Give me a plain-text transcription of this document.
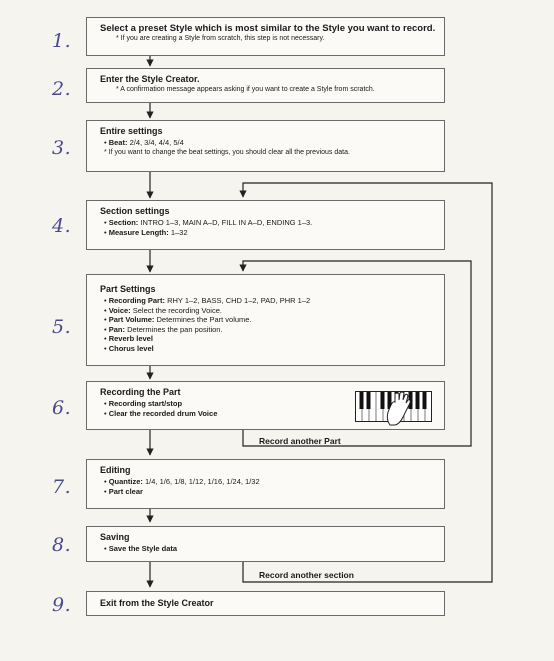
1.
Select a preset Style which is most similar to the Style you want to record.
* If you are creating a Style from scratch, this step is not necessary.
2.	Enter the Style Creator.
* A confirmation message appears asking if you want to create a Style from scratch.
3.
Entire settings
• Beat: 2/4, 3/4, 4/4, 5/4
* If you want to change the beat settings, you should clear all the previous data.
4.
Section settings
• Section: INTRO 1–3, MAIN A–D, FILL IN A–D, ENDING 1–3.
• Measure Length: 1–32
5.
Part Settings
• Recording Part: RHY 1–2, BASS, CHD 1–2, PAD, PHR 1–2
• Voice: Select the recording Voice.
• Part Volume: Determines the Part volume.
• Pan: Determines the pan position.
• Reverb level
• Chorus level
6.
Recording the Part
• Recording start/stop
• Clear the recorded drum Voice
Record another Part
7.
Editing
• Quantize: 1/4, 1/6, 1/8, 1/12, 1/16, 1/24, 1/32
• Part clear
8.	Saving
• Save the Style data
Record another section
9.	Exit from the Style Creator
